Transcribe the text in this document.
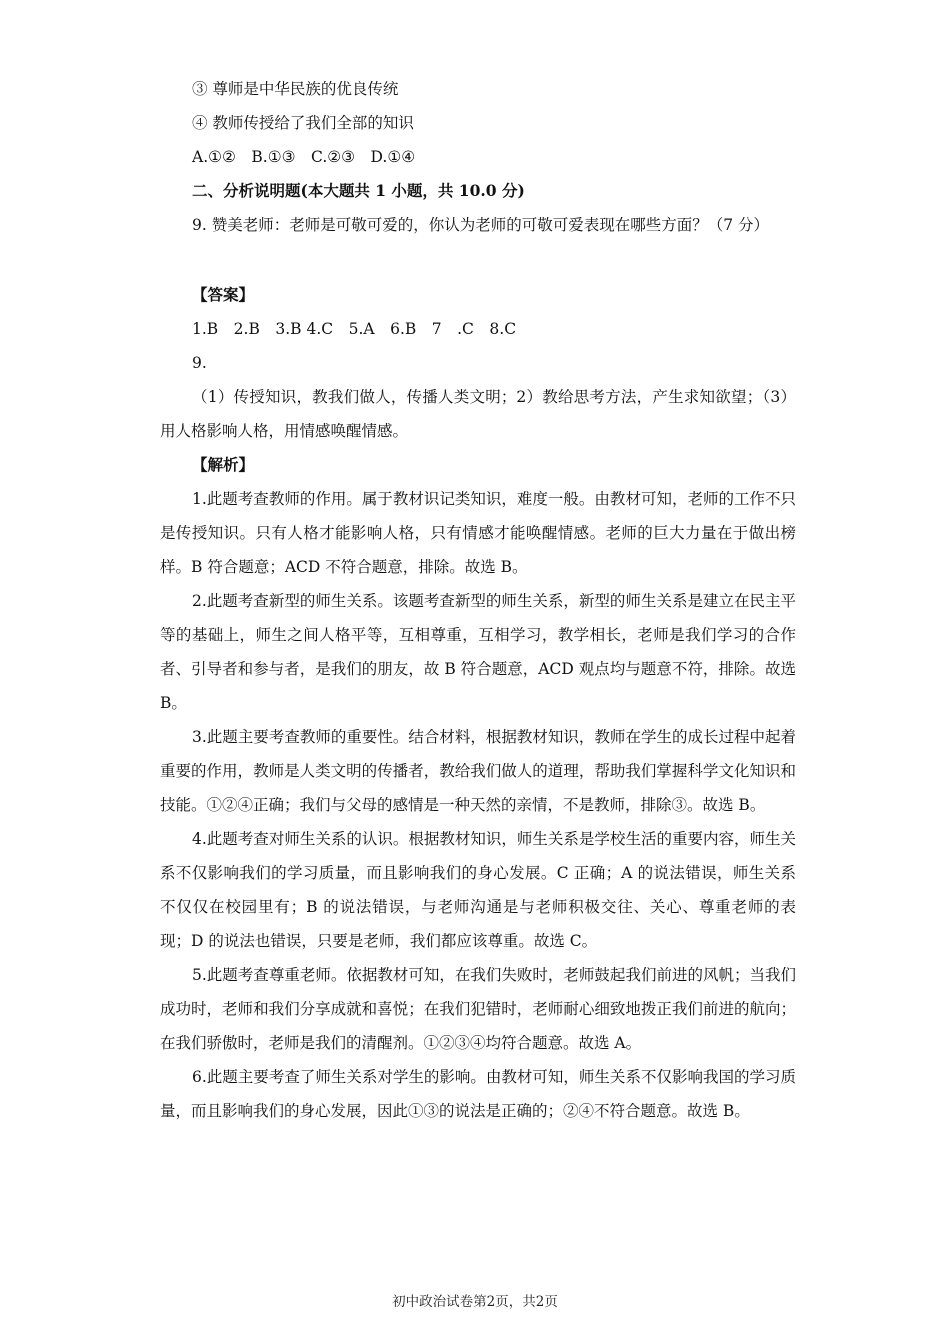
③ 尊师是中华民族的优良传统

④ 教师传授给了我们全部的知识

A.①②　B.①③　C.②③　D.①④

二、分析说明题(本大题共 1 小题，共 10.0 分)

9. 赞美老师：老师是可敬可爱的，你认为老师的可敬可爱表现在哪些方面？（7 分）

【答案】

1.B　2.B　3.B 4.C　5.A　6.B　7　.C　8.C

9.

（1）传授知识，教我们做人，传播人类文明；2）教给思考方法，产生求知欲望；（3）用人格影响人格，用情感唤醒情感。

【解析】

1.此题考查教师的作用。属于教材识记类知识，难度一般。由教材可知，老师的工作不只是传授知识。只有人格才能影响人格，只有情感才能唤醒情感。老师的巨大力量在于做出榜样。B 符合题意；ACD 不符合题意，排除。故选 B。

2.此题考查新型的师生关系。该题考查新型的师生关系，新型的师生关系是建立在民主平等的基础上，师生之间人格平等，互相尊重，互相学习，教学相长，老师是我们学习的合作者、引导者和参与者，是我们的朋友，故 B 符合题意，ACD 观点均与题意不符，排除。故选 B。

3.此题主要考查教师的重要性。结合材料，根据教材知识，教师在学生的成长过程中起着重要的作用，教师是人类文明的传播者，教给我们做人的道理，帮助我们掌握科学文化知识和技能。①②④正确；我们与父母的感情是一种天然的亲情，不是教师，排除③。故选 B。

4.此题考查对师生关系的认识。根据教材知识，师生关系是学校生活的重要内容，师生关系不仅影响我们的学习质量，而且影响我们的身心发展。C 正确；A 的说法错误，师生关系不仅仅在校园里有；B 的说法错误，与老师沟通是与老师积极交往、关心、尊重老师的表现；D 的说法也错误，只要是老师，我们都应该尊重。故选 C。

5.此题考查尊重老师。依据教材可知，在我们失败时，老师鼓起我们前进的风帆；当我们成功时，老师和我们分享成就和喜悦；在我们犯错时，老师耐心细致地拨正我们前进的航向；在我们骄傲时，老师是我们的清醒剂。①②③④均符合题意。故选 A。

6.此题主要考查了师生关系对学生的影响。由教材可知，师生关系不仅影响我国的学习质量，而且影响我们的身心发展，因此①③的说法是正确的；②④不符合题意。故选 B。

初中政治试卷第2页，共2页
